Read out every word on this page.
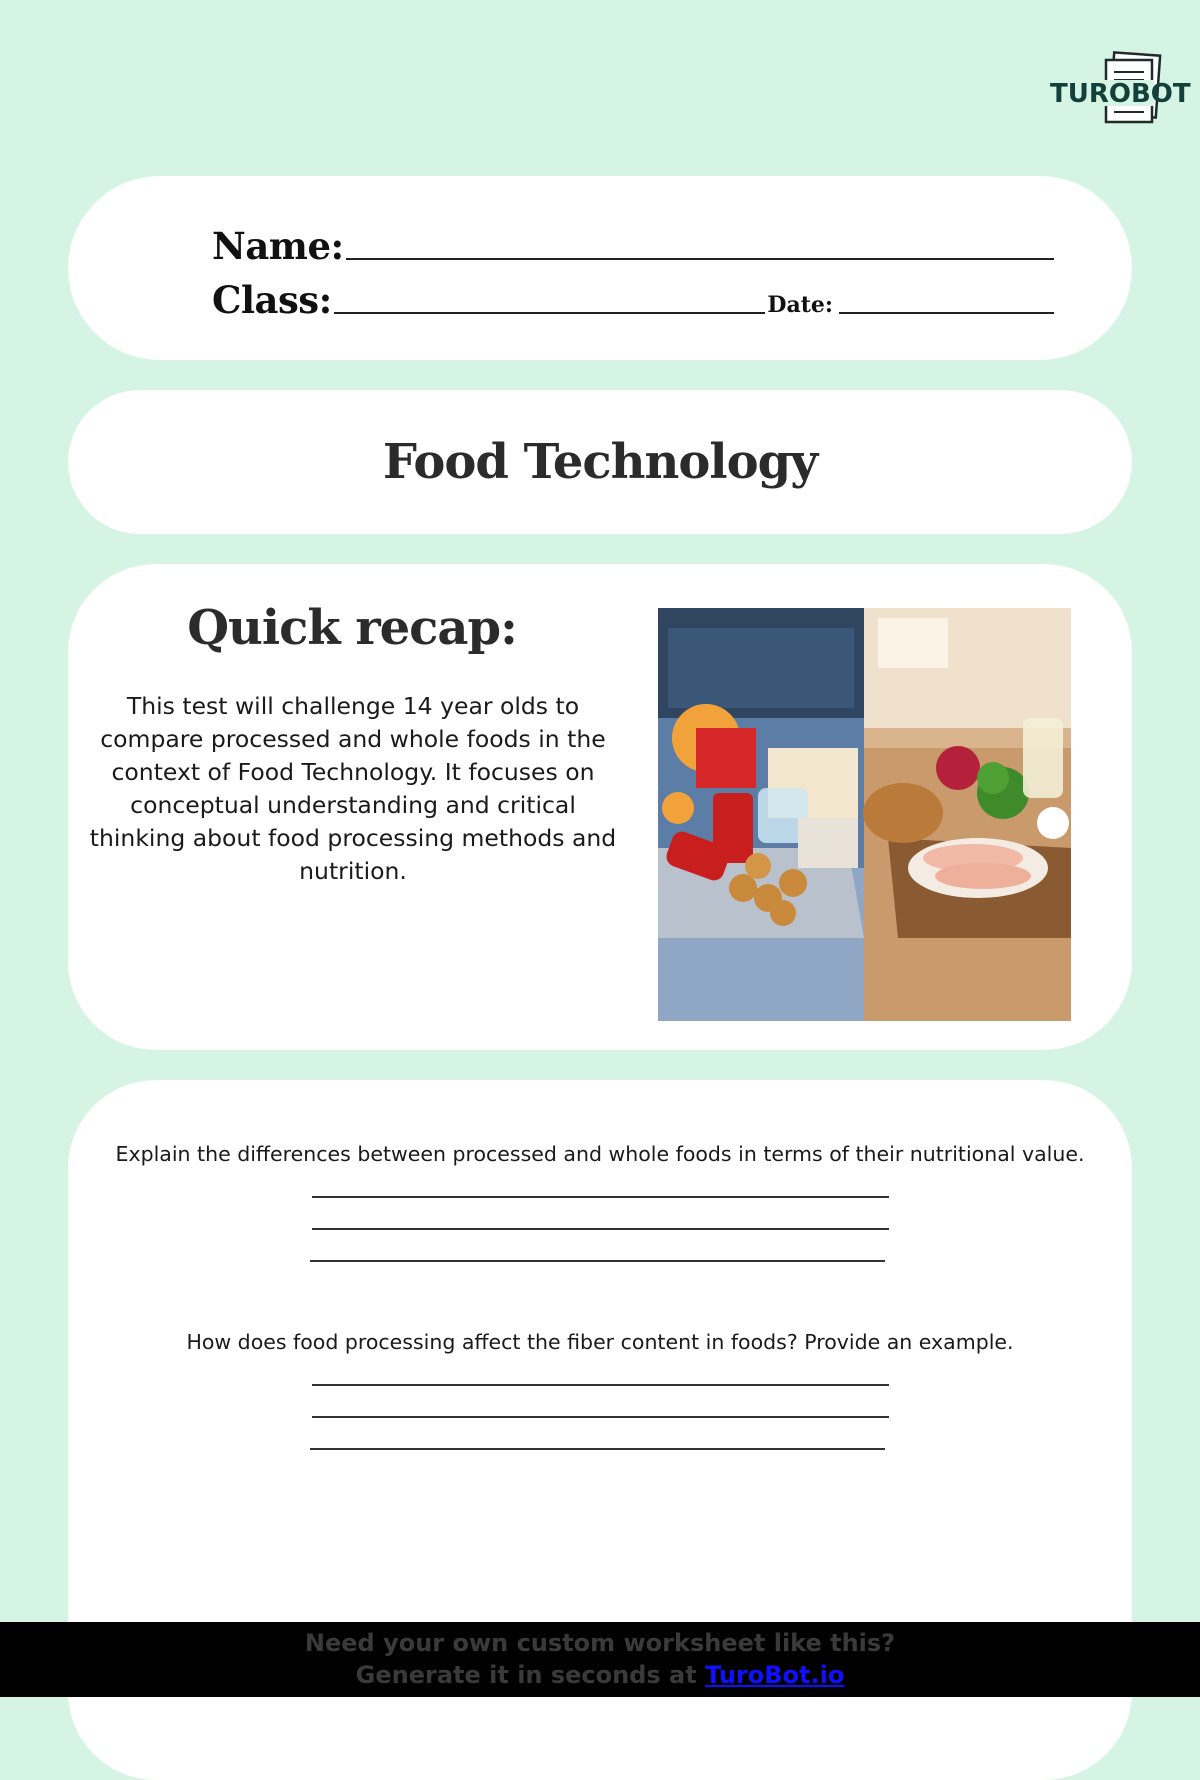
TUROBOT
Name:
Class:	Date:
Food Technology
Quick recap:
This test will challenge 14 year olds to compare processed and whole foods in the context of Food Technology. It focuses on conceptual understanding and critical thinking about food processing methods and nutrition.
Explain the differences between processed and whole foods in terms of their nutritional value.
How does food processing affect the fiber content in foods? Provide an example.
Need your own custom worksheet like this?
Generate it in seconds at TuroBot.io
